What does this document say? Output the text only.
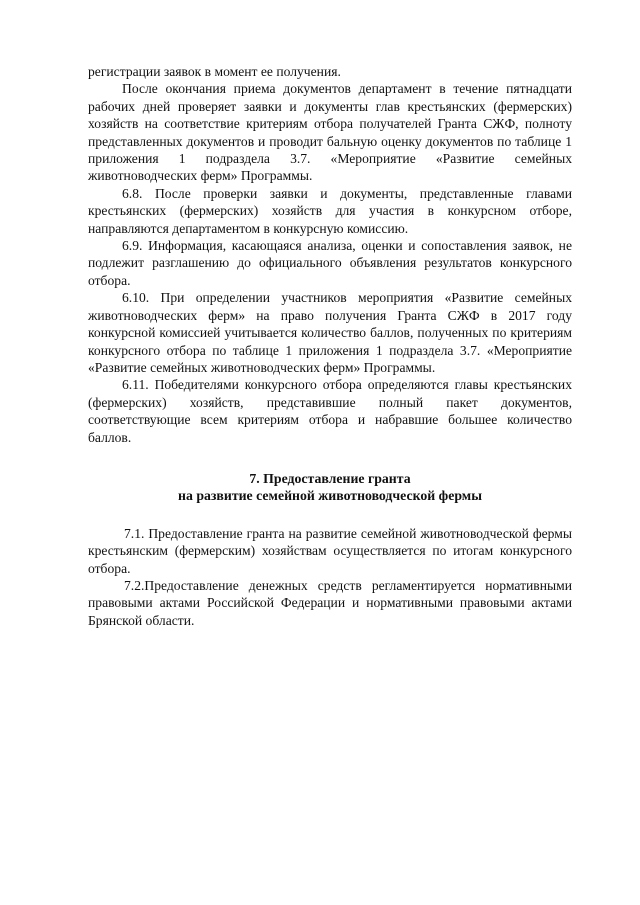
регистрации заявок в момент ее получения.

После окончания приема документов департамент в течение пятнадцати рабочих дней проверяет заявки и документы глав крестьянских (фермерских) хозяйств на соответствие критериям отбора получателей Гранта СЖФ, полноту представленных документов и проводит бальную оценку документов по таблице 1 приложения 1 подраздела 3.7. «Мероприятие «Развитие семейных животноводческих ферм» Программы.

6.8. После проверки заявки и документы, представленные главами крестьянских (фермерских) хозяйств для участия в конкурсном отборе, направляются департаментом в конкурсную комиссию.

6.9. Информация, касающаяся анализа, оценки и сопоставления заявок, не подлежит разглашению до официального объявления результатов конкурсного отбора.

6.10. При определении участников мероприятия «Развитие семейных животноводческих ферм» на право получения Гранта СЖФ в 2017 году конкурсной комиссией учитывается количество баллов, полученных по критериям конкурсного отбора по таблице 1 приложения 1 подраздела 3.7. «Мероприятие «Развитие семейных животноводческих ферм» Программы.

6.11. Победителями конкурсного отбора определяются главы крестьянских (фермерских) хозяйств, представившие полный пакет документов, соответствующие всем критериям отбора и набравшие большее количество баллов.

7. Предоставление гранта
на развитие семейной животноводческой фермы

7.1. Предоставление гранта на развитие семейной животноводческой фермы крестьянским (фермерским) хозяйствам осуществляется по итогам конкурсного отбора.

7.2.Предоставление денежных средств регламентируется нормативными правовыми актами Российской Федерации и нормативными правовыми актами Брянской области.
